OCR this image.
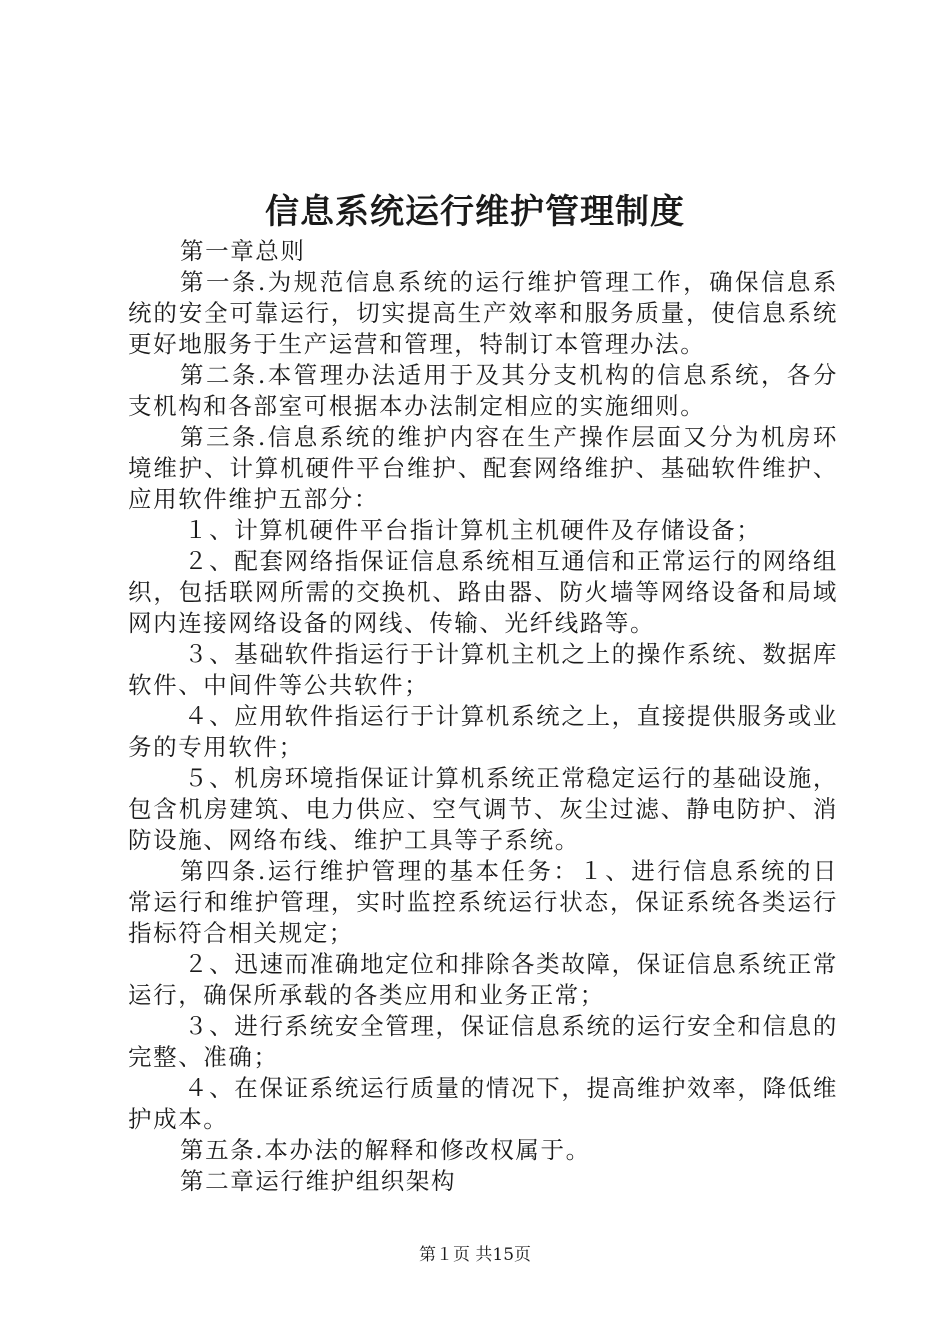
信息系统运行维护管理制度

第一章总则

第一条.为规范信息系统的运行维护管理工作，确保信息系统的安全可靠运行，切实提高生产效率和服务质量，使信息系统更好地服务于生产运营和管理，特制订本管理办法。

第二条.本管理办法适用于及其分支机构的信息系统，各分支机构和各部室可根据本办法制定相应的实施细则。

第三条.信息系统的维护内容在生产操作层面又分为机房环境维护、计算机硬件平台维护、配套网络维护、基础软件维护、应用软件维护五部分：

１、计算机硬件平台指计算机主机硬件及存储设备；

２、配套网络指保证信息系统相互通信和正常运行的网络组织，包括联网所需的交换机、路由器、防火墙等网络设备和局域网内连接网络设备的网线、传输、光纤线路等。

３、基础软件指运行于计算机主机之上的操作系统、数据库软件、中间件等公共软件；

４、应用软件指运行于计算机系统之上，直接提供服务或业务的专用软件；

５、机房环境指保证计算机系统正常稳定运行的基础设施，包含机房建筑、电力供应、空气调节、灰尘过滤、静电防护、消防设施、网络布线、维护工具等子系统。

第四条.运行维护管理的基本任务：１、进行信息系统的日常运行和维护管理，实时监控系统运行状态，保证系统各类运行指标符合相关规定；

２、迅速而准确地定位和排除各类故障，保证信息系统正常运行，确保所承载的各类应用和业务正常；

３、进行系统安全管理，保证信息系统的运行安全和信息的完整、准确；

４、在保证系统运行质量的情况下，提高维护效率，降低维护成本。

第五条.本办法的解释和修改权属于。

第二章运行维护组织架构

第１页 共15页
